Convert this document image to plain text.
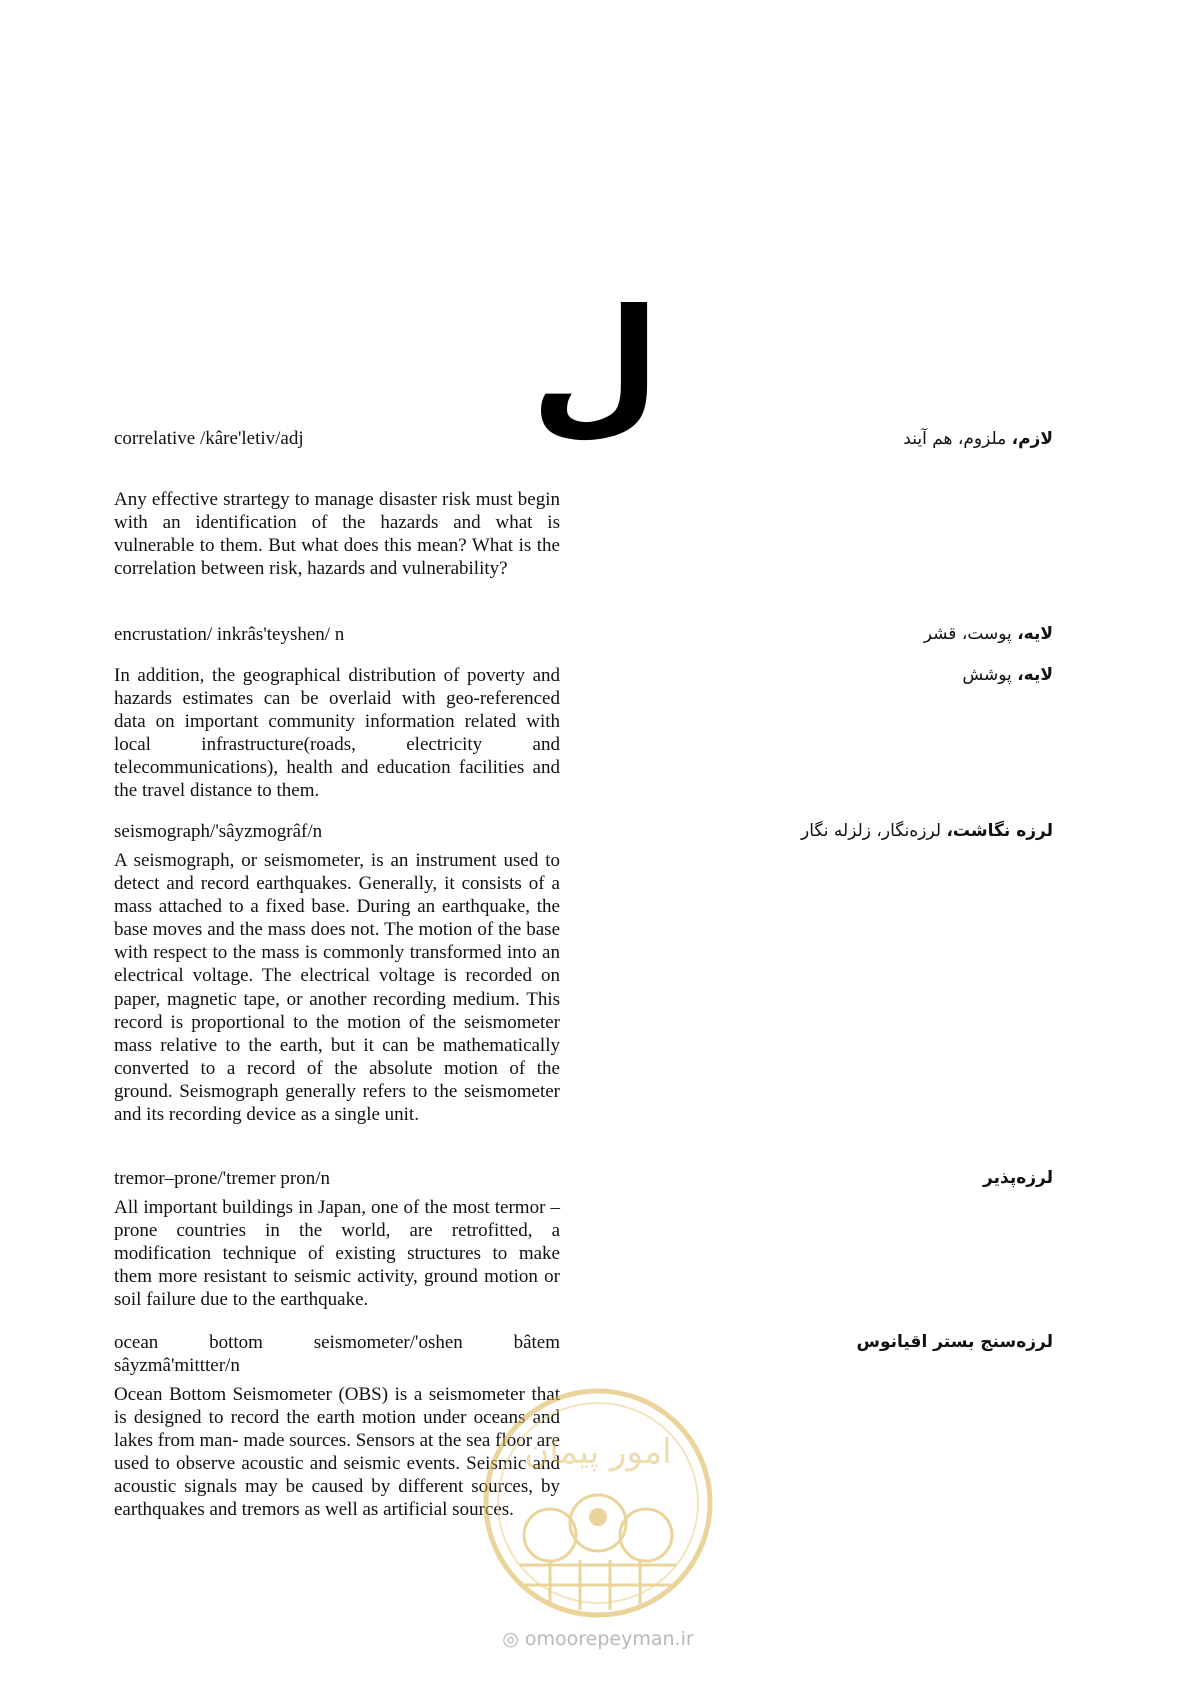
ل
correlative /kâre'letiv/adj	لازم، ملزوم، هم آیند
Any effective strartegy to manage disaster risk must begin with an identification of the hazards and what is vulnerable to them. But what does this mean? What is the correlation between risk, hazards and vulnerability?
encrustation/ inkrâs'teyshen/ n	لایه، پوست، قشر
لایه، پوشش
In addition, the geographical distribution of poverty and hazards estimates can be overlaid with geo-referenced data on important community information related with local infrastructure(roads, electricity and telecommunications), health and education facilities and the travel distance to them.
seismograph/'sâyzmogrâf/n	لرزه نگاشت، لرزه‌نگار، زلزله نگار
A seismograph, or seismometer, is an instrument used to detect and record earthquakes. Generally, it consists of a mass attached to a fixed base. During an earthquake, the base moves and the mass does not. The motion of the base with respect to the mass is commonly transformed into an electrical voltage. The electrical voltage is recorded on paper, magnetic tape, or another recording medium. This record is proportional to the motion of the seismometer mass relative to the earth, but it can be mathematically converted to a record of the absolute motion of the ground. Seismograph generally refers to the seismometer and its recording device as a single unit.
tremor–prone/'tremer pron/n	لرزه‌پذیر
All important buildings in Japan, one of the most termor – prone countries in the world, are retrofitted, a modification technique of existing structures to make them more resistant to seismic activity, ground motion or soil failure due to the earthquake.
ocean bottom seismometer/'oshen bâtem
sâyzmâ'mittter/n
لرزه‌سنج بستر اقیانوس
Ocean Bottom Seismometer (OBS) is a seismometer that is designed to record the earth motion under oceans and lakes from man- made sources. Sensors at the sea floor are used to observe acoustic and seismic events. Seismic and acoustic signals may be caused by different sources, by earthquakes and tremors as well as artificial sources.
امور پیمان
◎ omoorepeyman.ir
